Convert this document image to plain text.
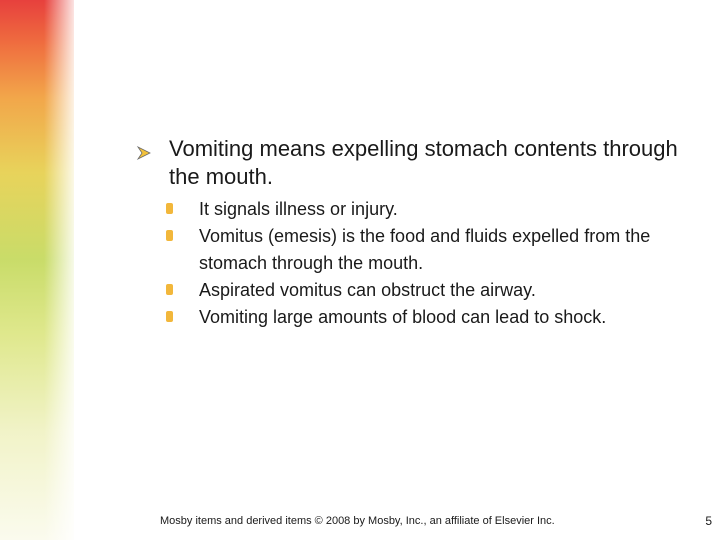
Vomiting means expelling stomach contents through the mouth.
It signals illness or injury.
Vomitus (emesis) is the food and fluids expelled from the stomach through the mouth.
Aspirated vomitus can obstruct the airway.
Vomiting large amounts of blood can lead to shock.
Mosby items and derived items © 2008 by Mosby, Inc., an affiliate of Elsevier Inc.	5
